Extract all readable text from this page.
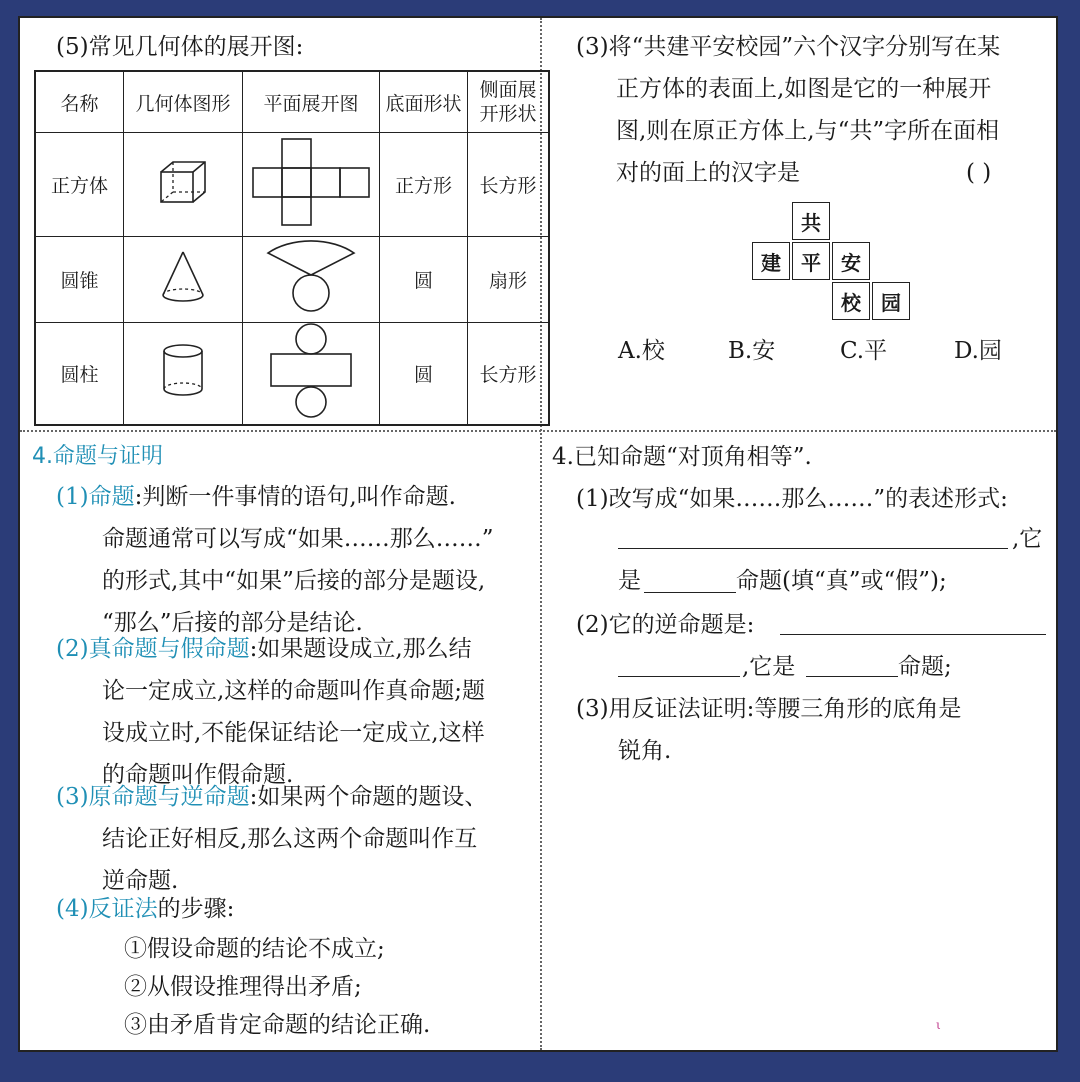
(5)常见几何体的展开图:
名称	几何体图形	平面展开图	底面形状	侧面展
开形状
正方体			正方形	长方形
圆锥			圆	扇形
圆柱			圆	长方形
(3)将“共建平安校园”六个汉字分别写在某
正方体的表面上,如图是它的一种展开
图,则在原正方体上,与“共”字所在面相
对的面上的汉字是	( )
共
建	平	安
校	园
A.校	B.安	C.平	D.园
4.命题与证明
(1)命题:判断一件事情的语句,叫作命题.
命题通常可以写成“如果……那么……”
的形式,其中“如果”后接的部分是题设,
“那么”后接的部分是结论.
(2)真命题与假命题:如果题设成立,那么结
论一定成立,这样的命题叫作真命题;题
设成立时,不能保证结论一定成立,这样
的命题叫作假命题.
(3)原命题与逆命题:如果两个命题的题设、
结论正好相反,那么这两个命题叫作互
逆命题.
(4)反证法的步骤:
①假设命题的结论不成立;
②从假设推理得出矛盾;
③由矛盾肯定命题的结论正确.
4.已知命题“对顶角相等”.
(1)改写成“如果……那么……”的表述形式:
,它
是	命题(填“真”或“假”);
(2)它的逆命题是:
,它是	命题;
(3)用反证法证明:等腰三角形的底角是
锐角.
ι
